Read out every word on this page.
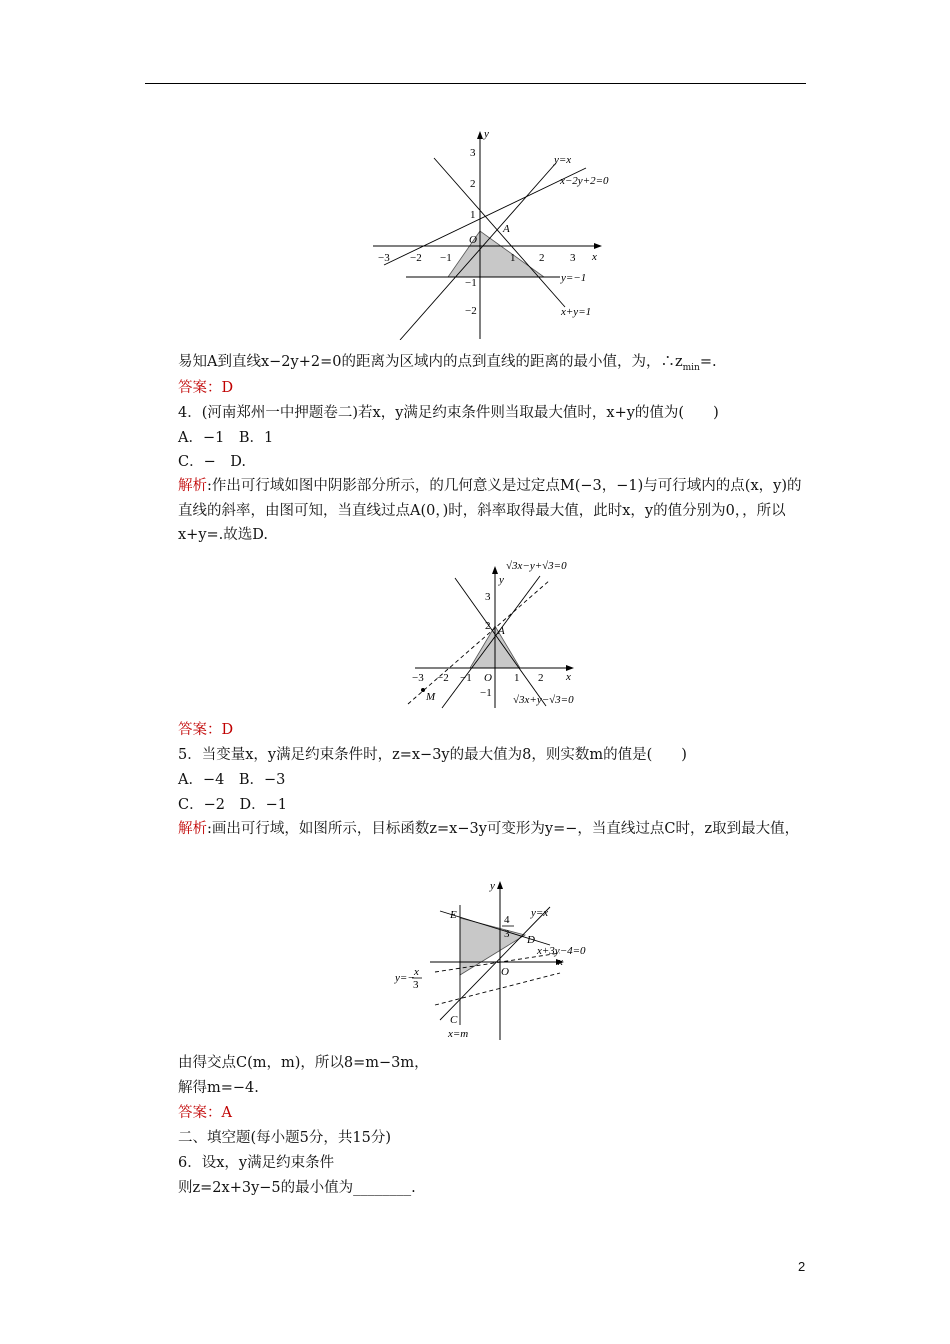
−3 −2 −1	1 2 3
3
2
1
−1
−2
x
y
O
A
y=x
x−2y+2=0
y=−1
x+y=1
易知A到直线x−2y+2=0的距离为区域内的点到直线的距离的最小值，为，$\therefore z_{min}=$.
答案：D
4．(河南郑州一中押题卷二)若x，y满足约束条件则当取最大值时，x+y的值为(　　)
A．−1　B．1
C．−　D.
解析:作出可行域如图中阴影部分所示，的几何意义是过定点M(−3，−1)与可行域内的点(x，y)的直线的斜率，由图可知，当直线过点A(0，)时，斜率取得最大值，此时x，y的值分别为0，，所以x+y=.故选D.
−3 −2 −1	1 2
3
2
−1
x
y
O
A
M
√3x−y+√3=0
√3x+y−√3=0
答案：D
5．当变量x，y满足约束条件时，z=x−3y的最大值为8，则实数m的值是(　　)
A．−4　B．−3
C．−2　D．−1
解析:画出可行域，如图所示，目标函数z=x−3y可变形为y=−，当直线过点C时，z取到最大值，
x
y
O
E
D
C
4
3
y=x
x+3y−4=0
x=m
y=− x
3
由得交点C(m，m)，所以8=m−3m，
解得m=−4.
答案：A
二、填空题(每小题5分，共15分)
6．设x，y满足约束条件
则z=2x+3y−5的最小值为________.
2
